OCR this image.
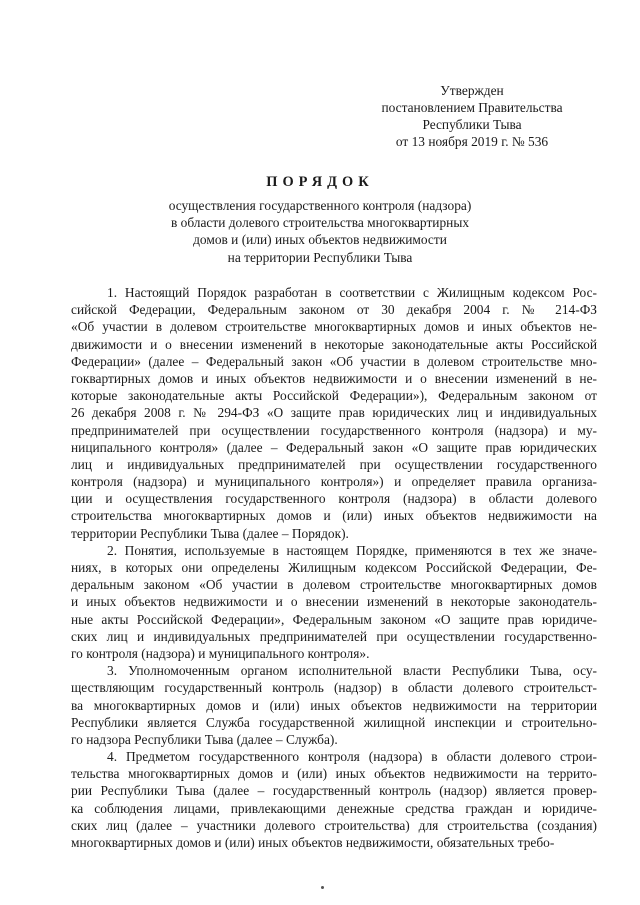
Утвержден
постановлением Правительства
Республики Тыва
от 13 ноября 2019 г. № 536
ПОРЯДОК
осуществления государственного контроля (надзора)
в области долевого строительства многоквартирных
домов и (или) иных объектов недвижимости
на территории Республики Тыва
1. Настоящий Порядок разработан в соответствии с Жилищным кодексом Рос-
сийской Федерации, Федеральным законом от 30 декабря 2004 г. № 214-ФЗ
«Об участии в долевом строительстве многоквартирных домов и иных объектов не-
движимости и о внесении изменений в некоторые законодательные акты Российской
Федерации» (далее – Федеральный закон «Об участии в долевом строительстве мно-
гоквартирных домов и иных объектов недвижимости и о внесении изменений в не-
которые законодательные акты Российской Федерации»), Федеральным законом от
26 декабря 2008 г. № 294-ФЗ «О защите прав юридических лиц и индивидуальных
предпринимателей при осуществлении государственного контроля (надзора) и му-
ниципального контроля» (далее – Федеральный закон «О защите прав юридических
лиц и индивидуальных предпринимателей при осуществлении государственного
контроля (надзора) и муниципального контроля») и определяет правила организа-
ции и осуществления государственного контроля (надзора) в области долевого
строительства многоквартирных домов и (или) иных объектов недвижимости на
территории Республики Тыва (далее – Порядок).
2. Понятия, используемые в настоящем Порядке, применяются в тех же значе-
ниях, в которых они определены Жилищным кодексом Российской Федерации, Фе-
деральным законом «Об участии в долевом строительстве многоквартирных домов
и иных объектов недвижимости и о внесении изменений в некоторые законодатель-
ные акты Российской Федерации», Федеральным законом «О защите прав юридиче-
ских лиц и индивидуальных предпринимателей при осуществлении государственно-
го контроля (надзора) и муниципального контроля».
3. Уполномоченным органом исполнительной власти Республики Тыва, осу-
ществляющим государственный контроль (надзор) в области долевого строительст-
ва многоквартирных домов и (или) иных объектов недвижимости на территории
Республики является Служба государственной жилищной инспекции и строительно-
го надзора Республики Тыва (далее – Служба).
4. Предметом государственного контроля (надзора) в области долевого строи-
тельства многоквартирных домов и (или) иных объектов недвижимости на террито-
рии Республики Тыва (далее – государственный контроль (надзор) является провер-
ка соблюдения лицами, привлекающими денежные средства граждан и юридиче-
ских лиц (далее – участники долевого строительства) для строительства (создания)
многоквартирных домов и (или) иных объектов недвижимости, обязательных требо-
